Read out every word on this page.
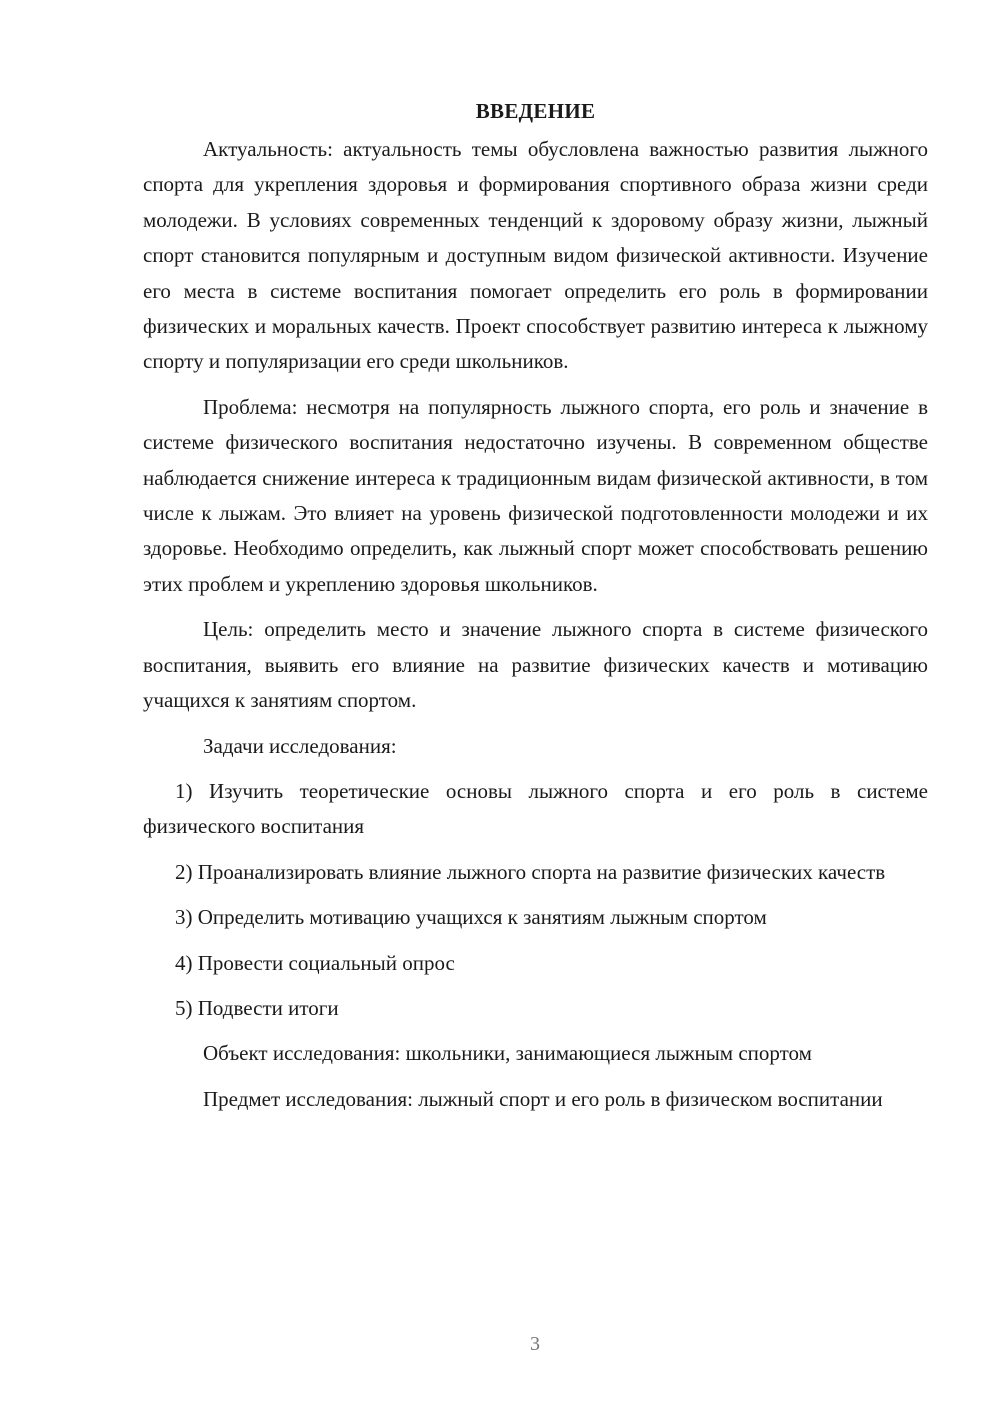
ВВЕДЕНИЕ

Актуальность: актуальность темы обусловлена важностью развития лыжного спорта для укрепления здоровья и формирования спортивного образа жизни среди молодежи. В условиях современных тенденций к здоровому образу жизни, лыжный спорт становится популярным и доступным видом физической активности. Изучение его места в системе воспитания помогает определить его роль в формировании физических и моральных качеств. Проект способствует развитию интереса к лыжному спорту и популяризации его среди школьников.

Проблема: несмотря на популярность лыжного спорта, его роль и значение в системе физического воспитания недостаточно изучены. В современном обществе наблюдается снижение интереса к традиционным видам физической активности, в том числе к лыжам. Это влияет на уровень физической подготовленности молодежи и их здоровье. Необходимо определить, как лыжный спорт может способствовать решению этих проблем и укреплению здоровья школьников.

Цель: определить место и значение лыжного спорта в системе физического воспитания, выявить его влияние на развитие физических качеств и мотивацию учащихся к занятиям спортом.

Задачи исследования:

1) Изучить теоретические основы лыжного спорта и его роль в системе физического воспитания

2) Проанализировать влияние лыжного спорта на развитие физических качеств

3) Определить мотивацию учащихся к занятиям лыжным спортом

4) Провести социальный опрос

5) Подвести итоги

Объект исследования: школьники, занимающиеся лыжным спортом

Предмет исследования: лыжный спорт и его роль в физическом воспитании

3
